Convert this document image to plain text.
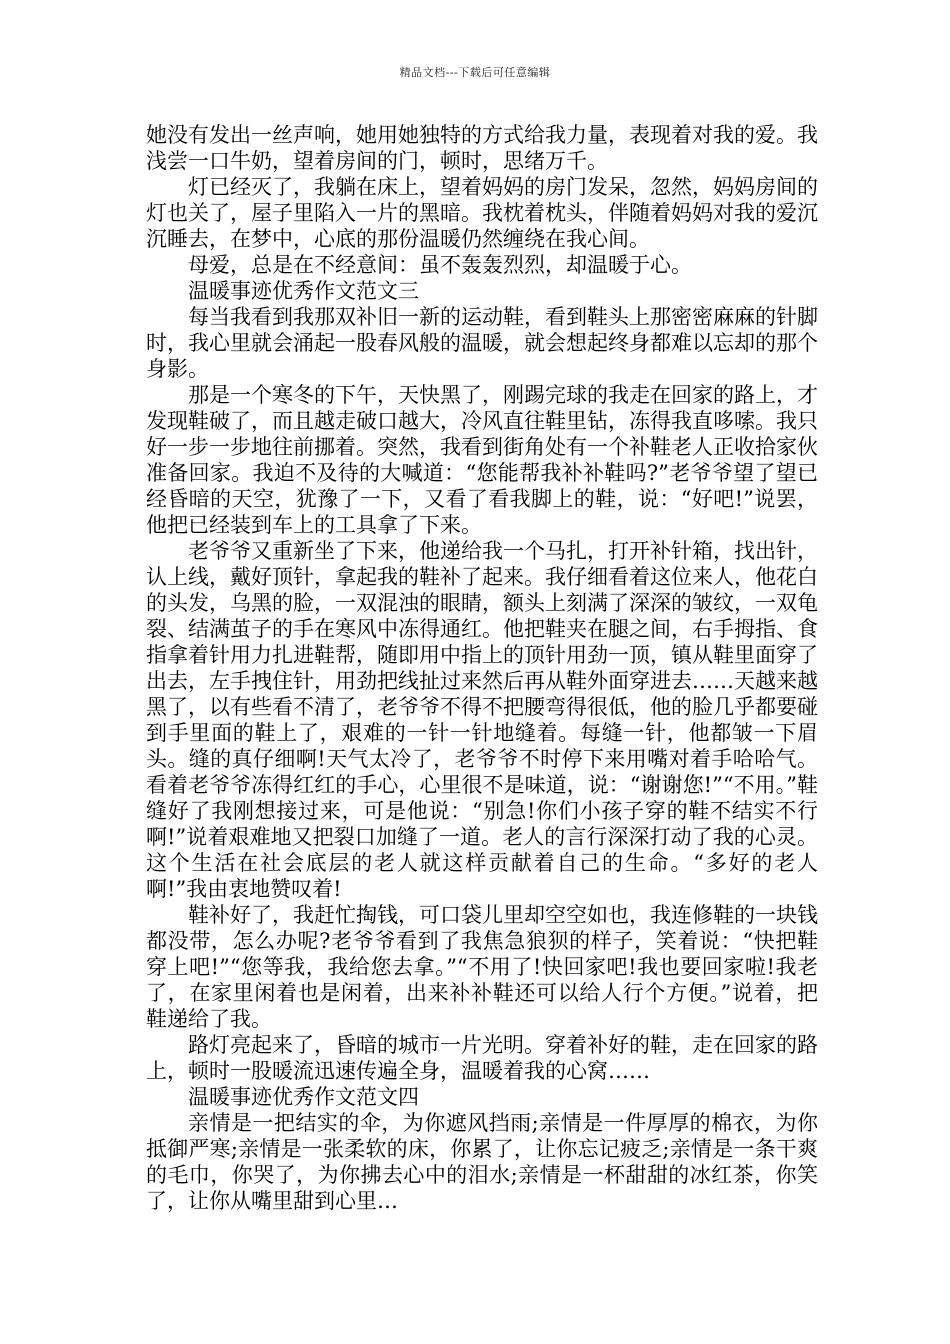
精品文档---下载后可任意编辑

她没有发出一丝声响，她用她独特的方式给我力量，表现着对我的爱。我浅尝一口牛奶，望着房间的门，顿时，思绪万千。

灯已经灭了，我躺在床上，望着妈妈的房门发呆，忽然，妈妈房间的灯也关了，屋子里陷入一片的黑暗。我枕着枕头，伴随着妈妈对我的爱沉沉睡去，在梦中，心底的那份温暖仍然缠绕在我心间。

母爱，总是在不经意间：虽不轰轰烈烈，却温暖于心。

温暖事迹优秀作文范文三

每当我看到我那双补旧一新的运动鞋，看到鞋头上那密密麻麻的针脚时，我心里就会涌起一股春风般的温暖，就会想起终身都难以忘却的那个身影。

那是一个寒冬的下午，天快黑了，刚踢完球的我走在回家的路上，才发现鞋破了，而且越走破口越大，冷风直往鞋里钻，冻得我直哆嗦。我只好一步一步地往前挪着。突然，我看到街角处有一个补鞋老人正收拾家伙准备回家。我迫不及待的大喊道：“您能帮我补补鞋吗?”老爷爷望了望已经昏暗的天空，犹豫了一下，又看了看我脚上的鞋，说：“好吧!”说罢，他把已经装到车上的工具拿了下来。

老爷爷又重新坐了下来，他递给我一个马扎，打开补针箱，找出针，认上线，戴好顶针，拿起我的鞋补了起来。我仔细看着这位来人，他花白的头发，乌黑的脸，一双混浊的眼睛，额头上刻满了深深的皱纹，一双龟裂、结满茧子的手在寒风中冻得通红。他把鞋夹在腿之间，右手拇指、食指拿着针用力扎进鞋帮，随即用中指上的顶针用劲一顶，镇从鞋里面穿了出去，左手拽住针，用劲把线扯过来然后再从鞋外面穿进去……天越来越黑了，以有些看不清了，老爷爷不得不把腰弯得很低，他的脸几乎都要碰到手里面的鞋上了，艰难的一针一针地缝着。每缝一针，他都皱一下眉头。缝的真仔细啊!天气太冷了，老爷爷不时停下来用嘴对着手哈哈气。看着老爷爷冻得红红的手心，心里很不是味道，说：“谢谢您!”“不用。”鞋缝好了我刚想接过来，可是他说：“别急!你们小孩子穿的鞋不结实不行啊!”说着艰难地又把裂口加缝了一道。老人的言行深深打动了我的心灵。这个生活在社会底层的老人就这样贡献着自己的生命。“多好的老人啊!”我由衷地赞叹着!

鞋补好了，我赶忙掏钱，可口袋儿里却空空如也，我连修鞋的一块钱都没带，怎么办呢?老爷爷看到了我焦急狼狈的样子，笑着说：“快把鞋穿上吧!”“您等我，我给您去拿。”“不用了!快回家吧!我也要回家啦!我老了，在家里闲着也是闲着，出来补补鞋还可以给人行个方便。”说着，把鞋递给了我。

路灯亮起来了，昏暗的城市一片光明。穿着补好的鞋，走在回家的路上，顿时一股暖流迅速传遍全身，温暖着我的心窝……

温暖事迹优秀作文范文四

亲情是一把结实的伞，为你遮风挡雨;亲情是一件厚厚的棉衣，为你抵御严寒;亲情是一张柔软的床，你累了，让你忘记疲乏;亲情是一条干爽的毛巾，你哭了，为你拂去心中的泪水;亲情是一杯甜甜的冰红茶，你笑了，让你从嘴里甜到心里…
